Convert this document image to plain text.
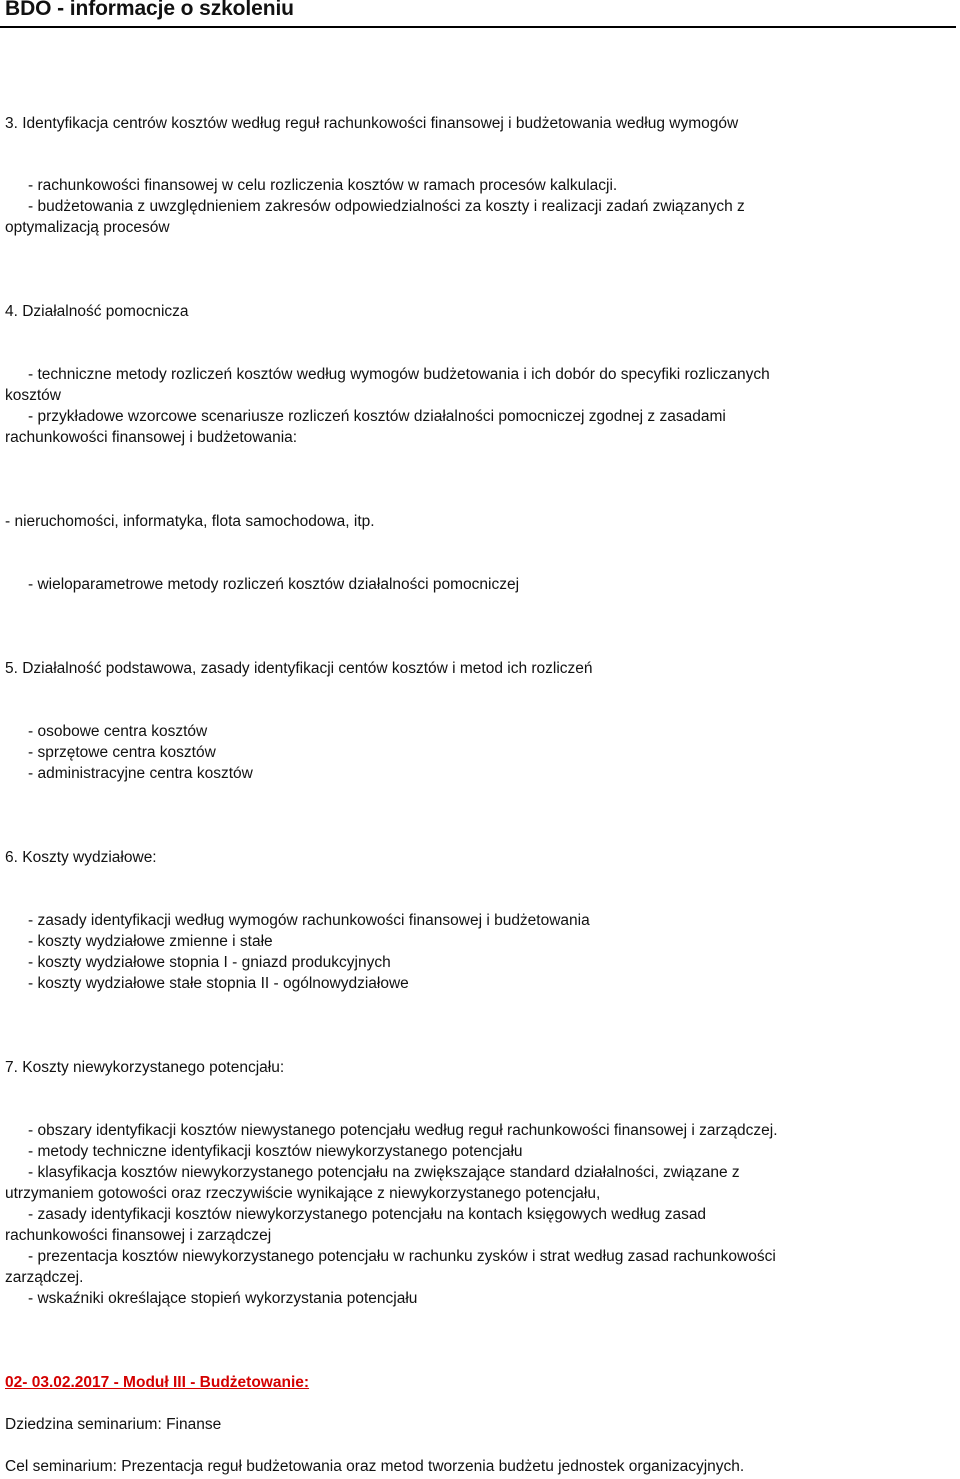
BDO - informacje o szkoleniu
3. Identyfikacja centrów kosztów według reguł rachunkowości finansowej i budżetowania według wymogów
- rachunkowości finansowej w celu rozliczenia kosztów w ramach procesów kalkulacji.
- budżetowania z uwzględnieniem zakresów odpowiedzialności za koszty i realizacji zadań związanych z
optymalizacją procesów
4. Działalność pomocnicza
- techniczne metody rozliczeń kosztów według wymogów budżetowania i ich dobór do specyfiki rozliczanych
kosztów
- przykładowe wzorcowe scenariusze rozliczeń kosztów działalności pomocniczej zgodnej z zasadami
rachunkowości finansowej i budżetowania:
- nieruchomości, informatyka, flota samochodowa, itp.
- wieloparametrowe metody rozliczeń kosztów działalności pomocniczej
5. Działalność podstawowa, zasady identyfikacji centów kosztów i metod ich rozliczeń
- osobowe centra kosztów
- sprzętowe centra kosztów
- administracyjne centra kosztów
6. Koszty wydziałowe:
- zasady identyfikacji według wymogów rachunkowości finansowej i budżetowania
- koszty wydziałowe zmienne i stałe
- koszty wydziałowe stopnia I - gniazd produkcyjnych
- koszty wydziałowe stałe stopnia II - ogólnowydziałowe
7. Koszty niewykorzystanego potencjału:
- obszary identyfikacji kosztów niewystanego potencjału według reguł rachunkowości finansowej i zarządczej.
- metody techniczne identyfikacji kosztów niewykorzystanego potencjału
- klasyfikacja kosztów niewykorzystanego potencjału na zwiększające standard działalności, związane z
utrzymaniem gotowości oraz rzeczywiście wynikające z niewykorzystanego potencjału,
- zasady identyfikacji kosztów niewykorzystanego potencjału na kontach księgowych według zasad
rachunkowości finansowej i zarządczej
- prezentacja kosztów niewykorzystanego potencjału w rachunku zysków i strat według zasad rachunkowości
zarządczej.
- wskaźniki określające stopień wykorzystania potencjału
02- 03.02.2017 - Moduł III - Budżetowanie:
Dziedzina seminarium: Finanse
Cel seminarium: Prezentacja reguł budżetowania oraz metod tworzenia budżetu jednostek organizacyjnych.
